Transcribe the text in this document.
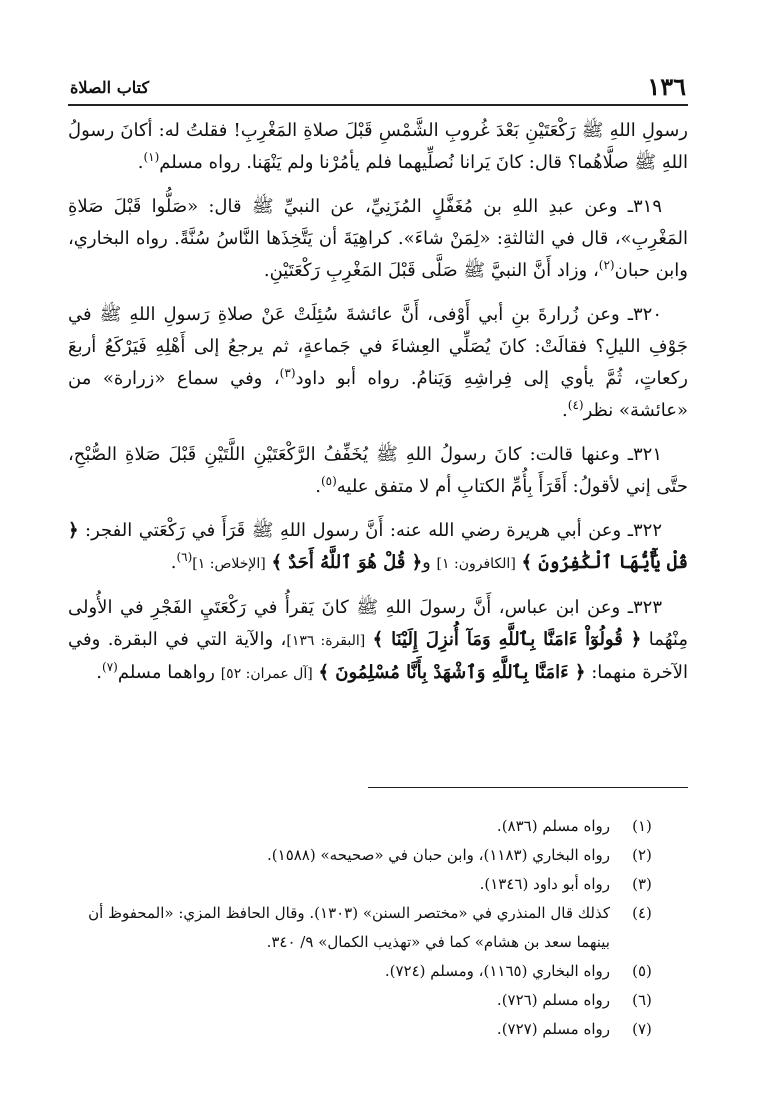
١٣٦
كتاب الصلاة

رسولِ اللهِ ﷺ رَكْعَتَيْنِ بَعْدَ غُروبِ الشَّمْسِ قَبْلَ صلاةِ المَغْرِبِ! فقلتُ له: أكانَ رسولُ اللهِ ﷺ صلَّاهُما؟ قال: كانَ يَرانا نُصلِّيهما فلم يأمُرْنا ولم يَنْهَنا. رواه مسلم$^{(١)}$.

٣١٩ـ وعن عبدِ اللهِ بن مُغَفَّلٍ المُزَنِيِّ، عن النبيِّ ﷺ قال: «صَلُّوا قَبْلَ صَلاةِ المَغْرِبِ»، قال في الثالثةِ: «لِمَنْ شاءَ». كراهِيَةَ أن يَتَّخِذَها النَّاسُ سُنَّةً. رواه البخاري، وابن حبان$^{(٢)}$، وزاد أَنَّ النبيَّ ﷺ صَلَّى قَبْلَ المَغْرِبِ رَكْعَتَيْنِ.

٣٢٠ـ وعن زُرارةَ بنِ أبي أَوْفى، أَنَّ عائشةَ سُئِلَتْ عَنْ صلاةِ رَسولِ اللهِ ﷺ في جَوْفِ الليلِ؟ فقالَتْ: كانَ يُصَلِّي العِشاءَ في جَماعةٍ، ثم يرجعُ إلى أَهْلِهِ فَيَرْكَعُ أربعَ ركعاتٍ، ثُمَّ يأوي إلى فِراشِهِ وَيَنامُ. رواه أبو داود$^{(٣)}$، وفي سماع «زرارة» من «عائشة» نظر$^{(٤)}$.

٣٢١ـ وعنها قالت: كانَ رسولُ اللهِ ﷺ يُخَفِّفُ الرَّكْعَتَيْنِ اللَّتَيْنِ قَبْلَ صَلاةِ الصُّبْحِ، حتَّى إني لأقولُ: أَقَرَأَ بِأُمِّ الكتابِ أم لا متفق عليه$^{(٥)}$.

٣٢٢ـ وعن أبي هريرة رضي الله عنه: أَنَّ رسول اللهِ ﷺ قَرَأَ في رَكْعَتي الفجر: ﴿ قُلْ يَٰٓأَيُّهَا ٱلْكَٰفِرُونَ ﴾ [الكافرون: ١] و﴿ قُلْ هُوَ ٱللَّهُ أَحَدٌ ﴾ [الإخلاص: ١]$^{(٦)}$.

٣٢٣ـ وعن ابن عباس، أَنَّ رسولَ اللهِ ﷺ كانَ يَقرأُ في رَكْعَتَيِ الفَجْرِ في الأُولى مِنْهُما ﴿ قُولُوٓاْ ءَامَنَّا بِٱللَّهِ وَمَآ أُنزِلَ إِلَيْنَا ﴾ [البقرة: ١٣٦]، والآية التي في البقرة. وفي الآخرة منهما: ﴿ ءَامَنَّا بِٱللَّهِ وَٱشْهَدْ بِأَنَّا مُسْلِمُونَ ﴾ [آل عمران: ٥٢] رواهما مسلم$^{(٧)}$.

(١)
رواه مسلم (٨٣٦).

(٢)
رواه البخاري (١١٨٣)، وابن حبان في «صحيحه» (١٥٨٨).

(٣)
رواه أبو داود (١٣٤٦).

(٤)
كذلك قال المنذري في «مختصر السنن» (١٣٠٣). وقال الحافظ المزي: «المحفوظ أن بينهما سعد بن هشام» كما في «تهذيب الكمال» ٩/ ٣٤٠.

(٥)
رواه البخاري (١١٦٥)، ومسلم (٧٢٤).

(٦)
رواه مسلم (٧٢٦).

(٧)
رواه مسلم (٧٢٧).
